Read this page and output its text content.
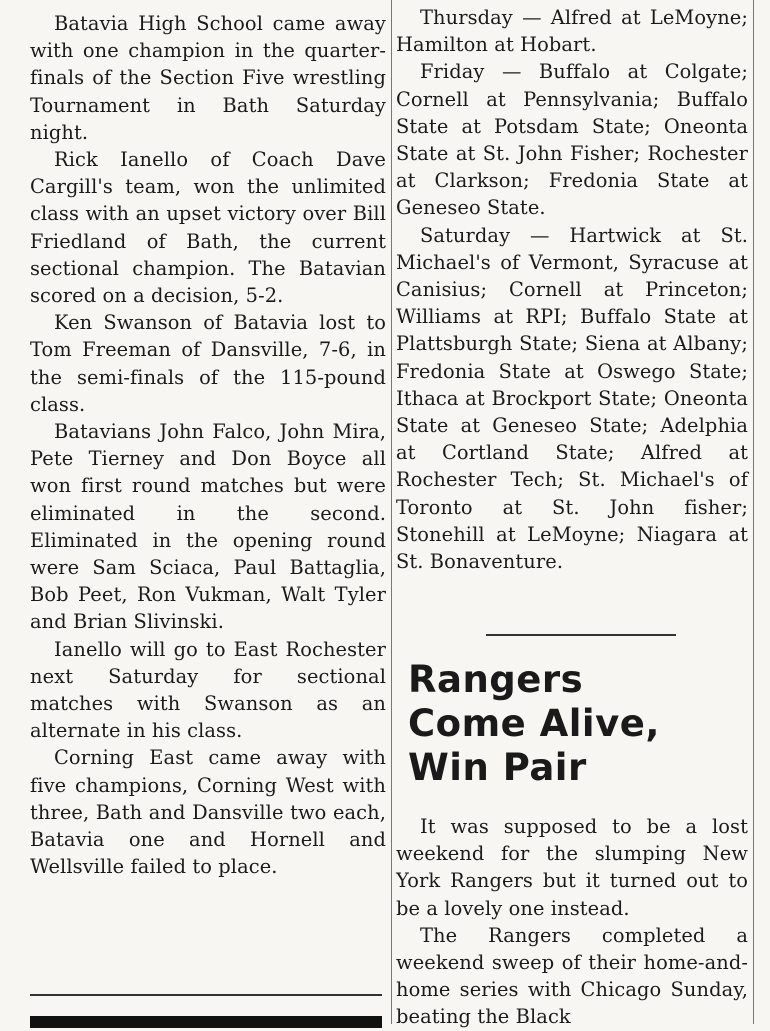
Batavia High School came away with one champion in the quarter-finals of the Section Five wrestling Tournament in Bath Saturday night.

Rick Ianello of Coach Dave Cargill's team, won the unlimited class with an upset victory over Bill Friedland of Bath, the current sectional champion. The Batavian scored on a decision, 5-2.

Ken Swanson of Batavia lost to Tom Freeman of Dansville, 7-6, in the semi-finals of the 115-pound class.

Batavians John Falco, John Mira, Pete Tierney and Don Boyce all won first round matches but were eliminated in the second. Eliminated in the opening round were Sam Sciaca, Paul Battaglia, Bob Peet, Ron Vukman, Walt Tyler and Brian Slivinski.

Ianello will go to East Rochester next Saturday for sectional matches with Swanson as an alternate in his class.

Corning East came away with five champions, Corning West with three, Bath and Dansville two each, Batavia one and Hornell and Wellsville failed to place.

Thursday — Alfred at LeMoyne; Hamilton at Hobart.

Friday — Buffalo at Colgate; Cornell at Pennsylvania; Buffalo State at Potsdam State; Oneonta State at St. John Fisher; Rochester at Clarkson; Fredonia State at Geneseo State.

Saturday — Hartwick at St. Michael's of Vermont, Syracuse at Canisius; Cornell at Princeton; Williams at RPI; Buffalo State at Plattsburgh State; Siena at Albany; Fredonia State at Oswego State; Ithaca at Brockport State; Oneonta State at Geneseo State; Adelphia at Cortland State; Alfred at Rochester Tech; St. Michael's of Toronto at St. John fisher; Stonehill at LeMoyne; Niagara at St. Bonaventure.

Rangers
Come Alive,
Win Pair

It was supposed to be a lost weekend for the slumping New York Rangers but it turned out to be a lovely one instead.

The Rangers completed a weekend sweep of their home-and-home series with Chicago Sunday, beating the Black
